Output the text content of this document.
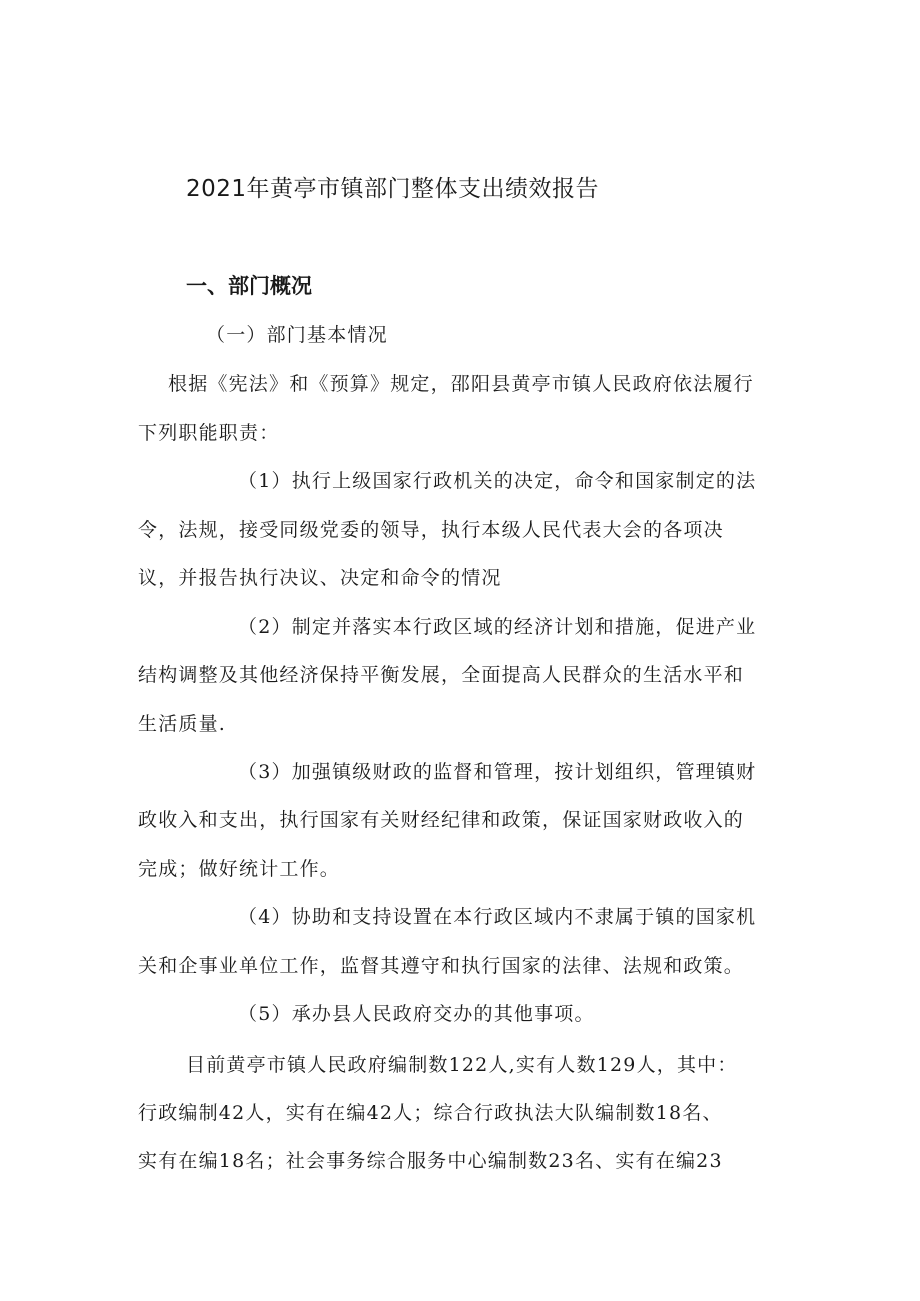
2021年黄亭市镇部门整体支出绩效报告
一、部门概况
（一）部门基本情况
根据《宪法》和《预算》规定，邵阳县黄亭市镇人民政府依法履行
下列职能职责：
（1）执行上级国家行政机关的决定，命令和国家制定的法
令，法规，接受同级党委的领导，执行本级人民代表大会的各项决
议，并报告执行决议、决定和命令的情况
（2）制定并落实本行政区域的经济计划和措施，促进产业
结构调整及其他经济保持平衡发展，全面提高人民群众的生活水平和
生活质量.
（3）加强镇级财政的监督和管理，按计划组织，管理镇财
政收入和支出，执行国家有关财经纪律和政策，保证国家财政收入的
完成；做好统计工作。
（4）协助和支持设置在本行政区域内不隶属于镇的国家机
关和企事业单位工作，监督其遵守和执行国家的法律、法规和政策。
（5）承办县人民政府交办的其他事项。
目前黄亭市镇人民政府编制数122人,实有人数129人，其中：
行政编制42人，实有在编42人；综合行政执法大队编制数18名、
实有在编18名；社会事务综合服务中心编制数23名、实有在编23
